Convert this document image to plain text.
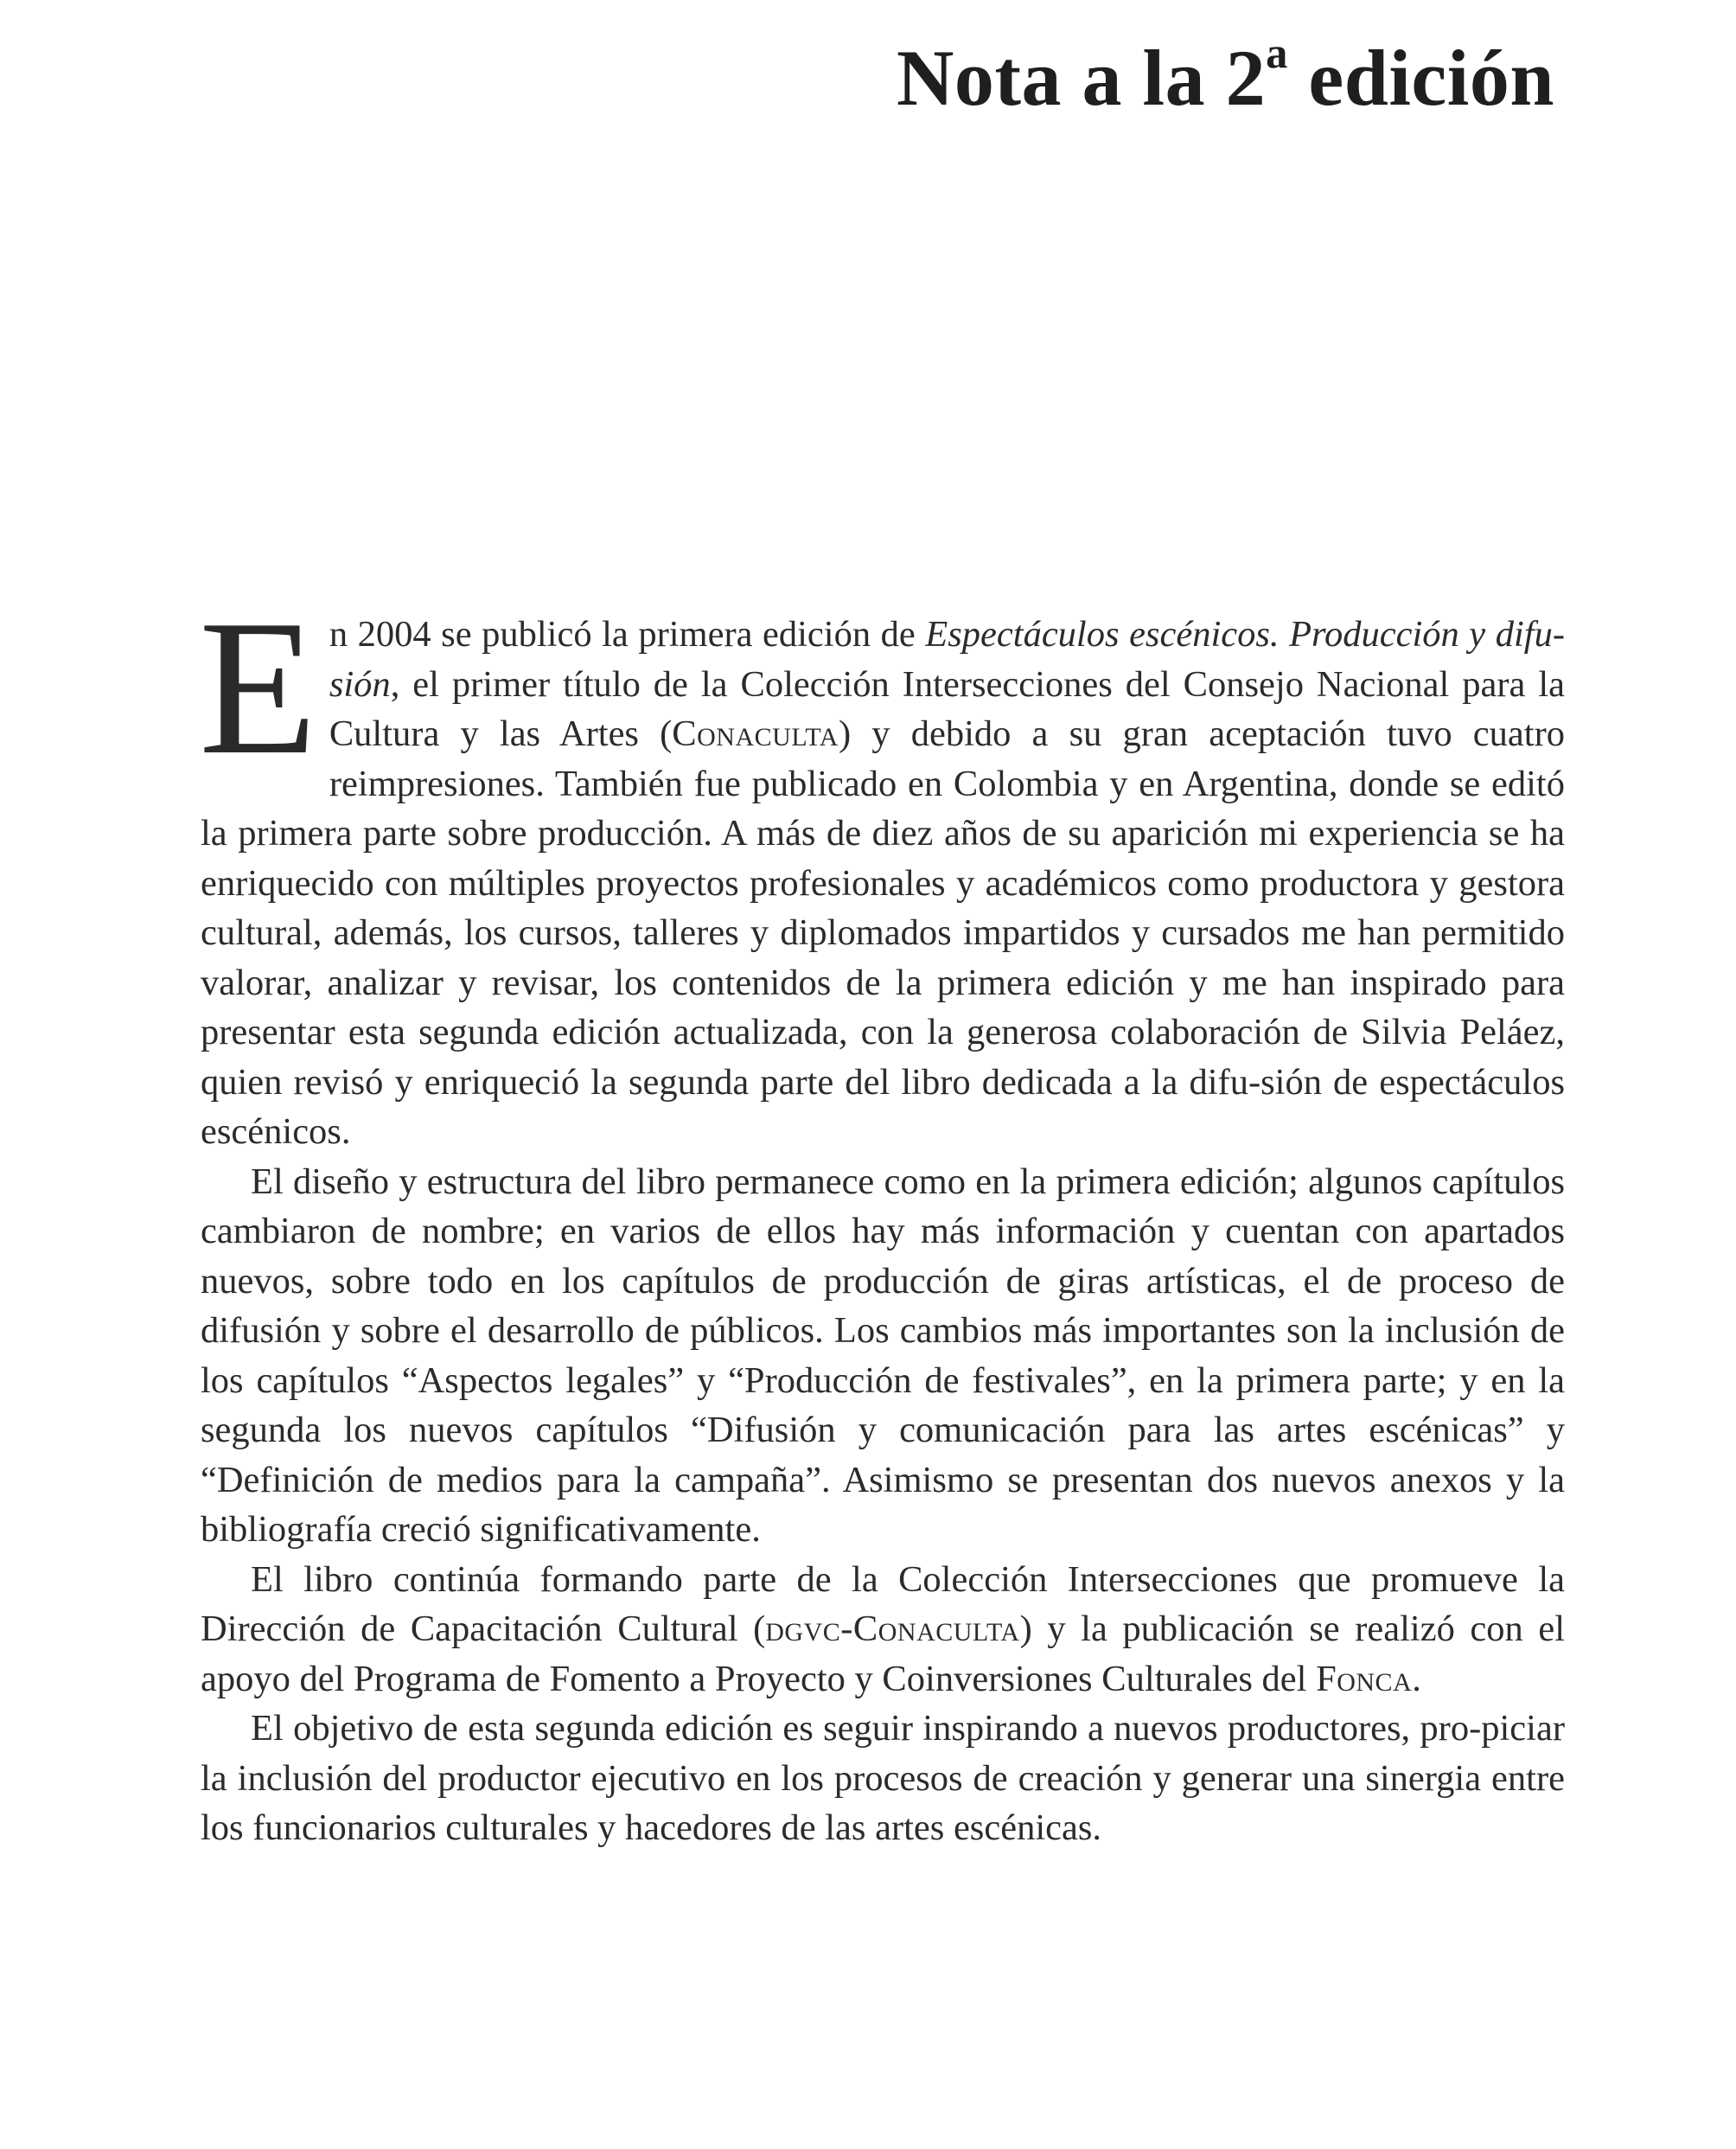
Nota a la 2$^a$ edición

En 2004 se publicó la primera edición de Espectáculos escénicos. Producción y difu-sión, el primer título de la Colección Intersecciones del Consejo Nacional para la Cultura y las Artes (Conaculta) y debido a su gran aceptación tuvo cuatro reimpresiones. También fue publicado en Colombia y en Argentina, donde se editó la primera parte sobre producción. A más de diez años de su aparición mi experiencia se ha enriquecido con múltiples proyectos profesionales y académicos como productora y gestora cultural, además, los cursos, talleres y diplomados impartidos y cursados me han permitido valorar, analizar y revisar, los contenidos de la primera edición y me han inspirado para presentar esta segunda edición actualizada, con la generosa colaboración de Silvia Peláez, quien revisó y enriqueció la segunda parte del libro dedicada a la difu-sión de espectáculos escénicos.

El diseño y estructura del libro permanece como en la primera edición; algunos capítulos cambiaron de nombre; en varios de ellos hay más información y cuentan con apartados nuevos, sobre todo en los capítulos de producción de giras artísticas, el de proceso de difusión y sobre el desarrollo de públicos. Los cambios más importantes son la inclusión de los capítulos “Aspectos legales” y “Producción de festivales”, en la primera parte; y en la segunda los nuevos capítulos “Difusión y comunicación para las artes escénicas” y “Definición de medios para la campaña”. Asimismo se presentan dos nuevos anexos y la bibliografía creció significativamente.

El libro continúa formando parte de la Colección Intersecciones que promueve la Dirección de Capacitación Cultural (dgvc-Conaculta) y la publicación se realizó con el apoyo del Programa de Fomento a Proyecto y Coinversiones Culturales del Fonca.

El objetivo de esta segunda edición es seguir inspirando a nuevos productores, pro-piciar la inclusión del productor ejecutivo en los procesos de creación y generar una sinergia entre los funcionarios culturales y hacedores de las artes escénicas.
